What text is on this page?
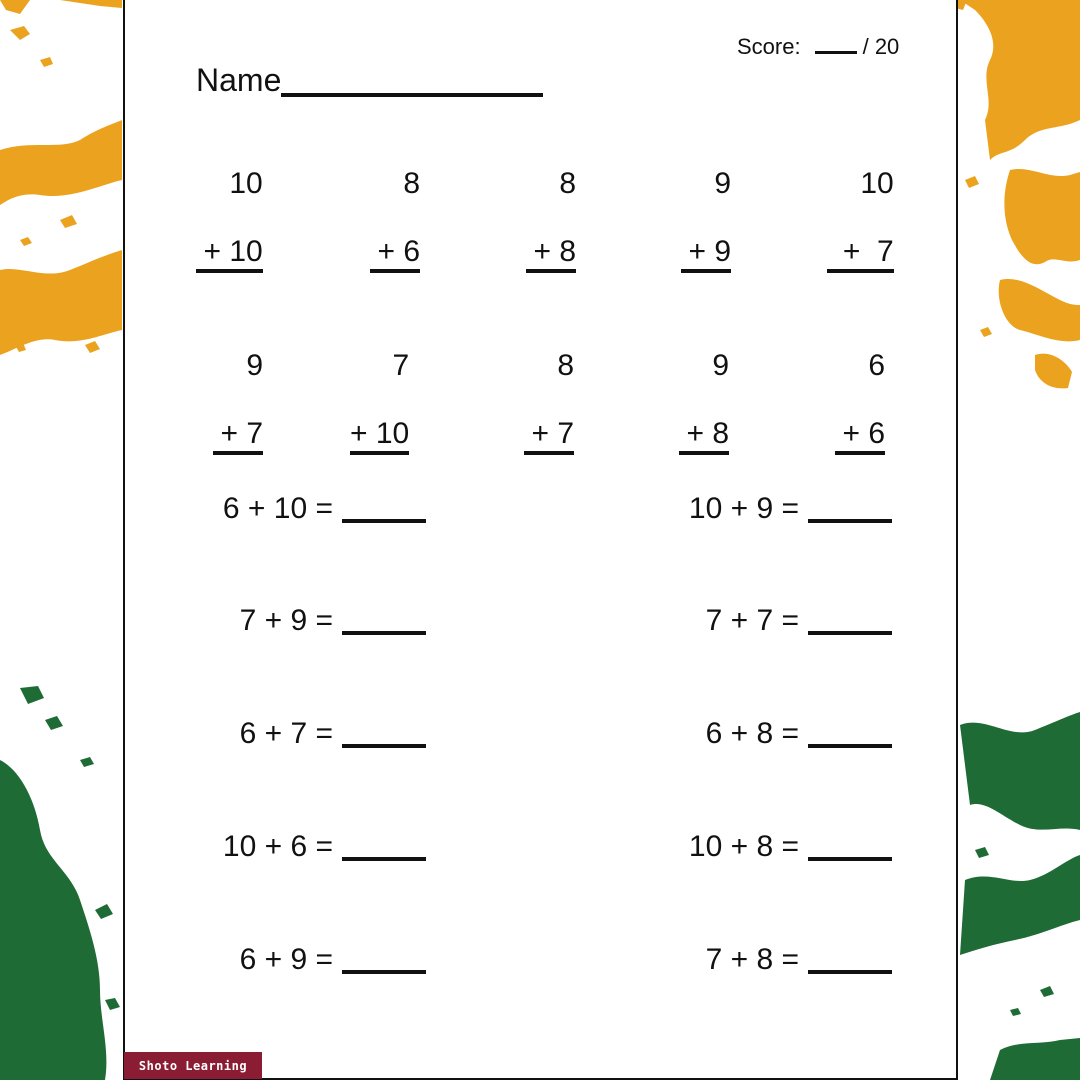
Score:	/ 20
Name

10

+ 10

8

+ 6

8

+ 8

9

+ 9

10

+  7

9

+ 7

7

+ 10

8

+ 7

9

+ 8

6

+ 6

6 + 10 =
7 + 9 =
6 + 7 =
10 + 6 =
6 + 9 =
10 + 9 =
7 + 7 =
6 + 8 =
10 + 8 =
7 + 8 =
Shoto Learning
